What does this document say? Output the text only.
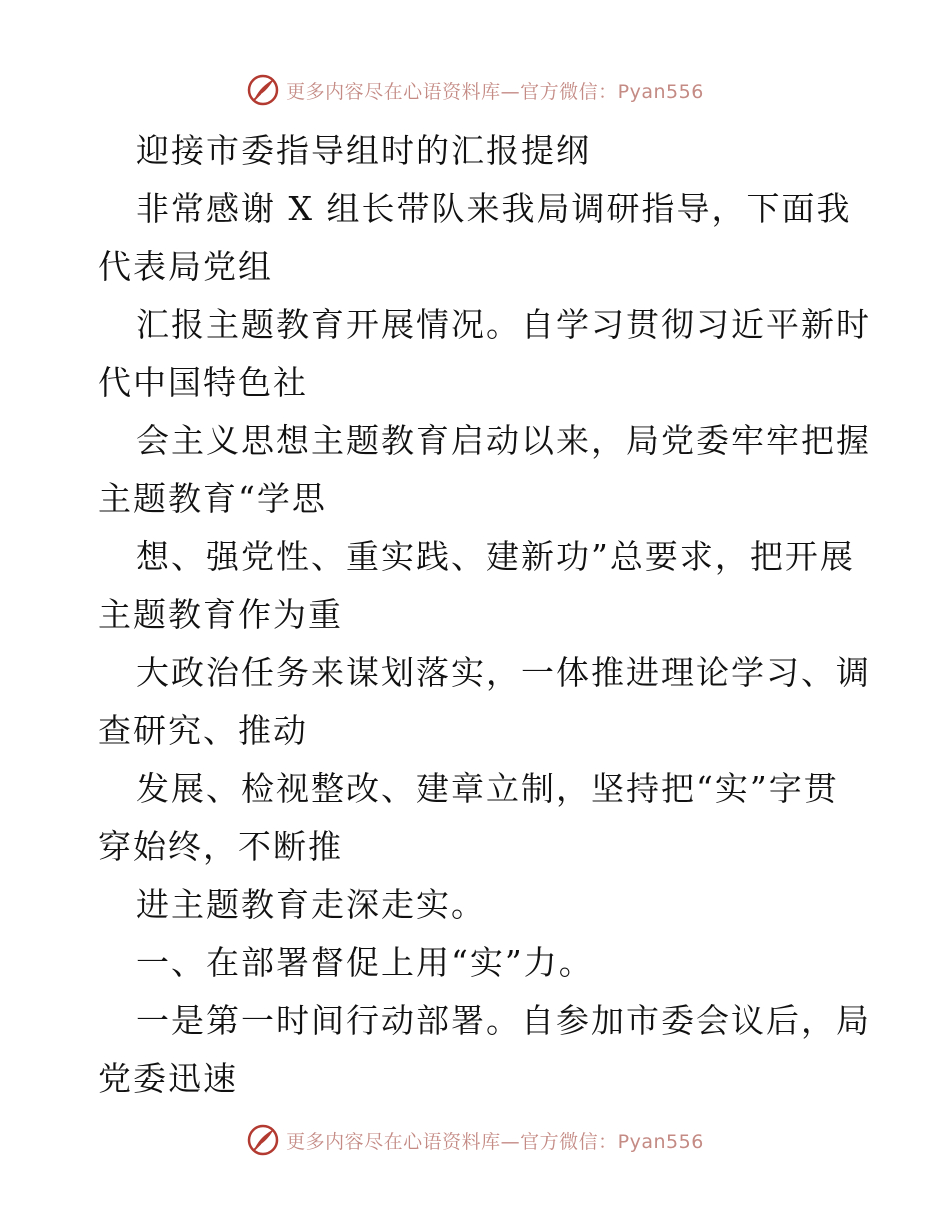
更多内容尽在心语资料库—官方微信：Pyan556
迎接市委指导组时的汇报提纲
非常感谢 X 组长带队来我局调研指导，下面我
代表局党组
汇报主题教育开展情况。自学习贯彻习近平新时
代中国特色社
会主义思想主题教育启动以来，局党委牢牢把握
主题教育“学思
想、强党性、重实践、建新功”总要求，把开展
主题教育作为重
大政治任务来谋划落实，一体推进理论学习、调
查研究、推动
发展、检视整改、建章立制，坚持把“实”字贯
穿始终，不断推
进主题教育走深走实。
一、在部署督促上用“实”力。
一是第一时间行动部署。自参加市委会议后，局
党委迅速
更多内容尽在心语资料库—官方微信：Pyan556
